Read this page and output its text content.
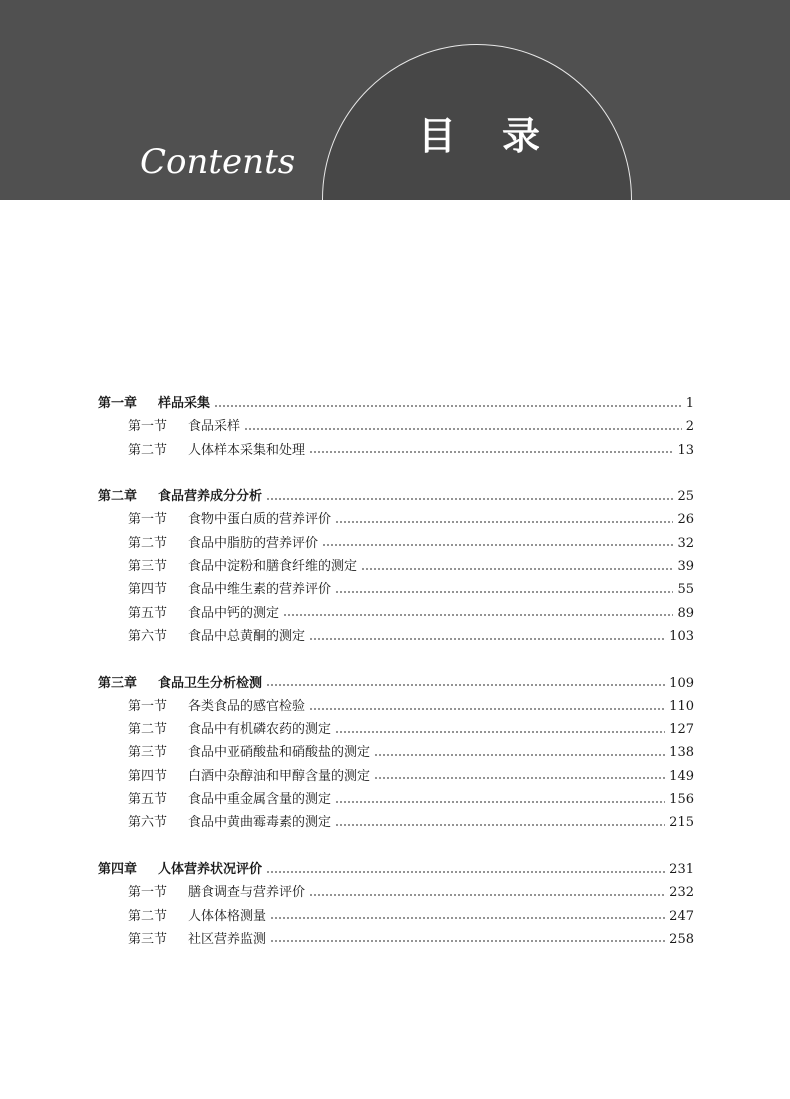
目录
Contents
第一章	样品采集	1
第一节	食品采样	2
第二节	人体样本采集和处理	13
第二章	食品营养成分分析	25
第一节	食物中蛋白质的营养评价	26
第二节	食品中脂肪的营养评价	32
第三节	食品中淀粉和膳食纤维的测定	39
第四节	食品中维生素的营养评价	55
第五节	食品中钙的测定	89
第六节	食品中总黄酮的测定	103
第三章	食品卫生分析检测	109
第一节	各类食品的感官检验	110
第二节	食品中有机磷农药的测定	127
第三节	食品中亚硝酸盐和硝酸盐的测定	138
第四节	白酒中杂醇油和甲醇含量的测定	149
第五节	食品中重金属含量的测定	156
第六节	食品中黄曲霉毒素的测定	215
第四章	人体营养状况评价	231
第一节	膳食调查与营养评价	232
第二节	人体体格测量	247
第三节	社区营养监测	258
